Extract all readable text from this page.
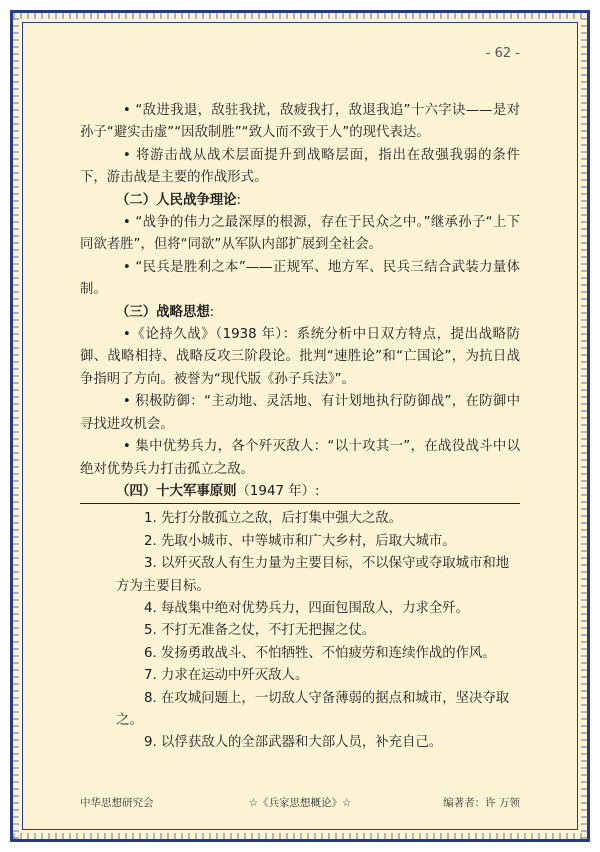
- 62 -

• “敌进我退，敌驻我扰，敌疲我打，敌退我追”十六字诀——是对孙子“避实击虚”“因敌制胜”“致人而不致于人”的现代表达。

• 将游击战从战术层面提升到战略层面，指出在敌强我弱的条件下，游击战是主要的作战形式。

（二）人民战争理论:

• “战争的伟力之最深厚的根源，存在于民众之中。”继承孙子“上下同欲者胜”，但将“同欲”从军队内部扩展到全社会。

• “民兵是胜利之本”——正规军、地方军、民兵三结合武装力量体制。

（三）战略思想:

•《论持久战》（1938 年）：系统分析中日双方特点，提出战略防御、战略相持、战略反攻三阶段论。批判“速胜论”和“亡国论”，为抗日战争指明了方向。被誉为“现代版《孙子兵法》”。

• 积极防御：“主动地、灵活地、有计划地执行防御战”，在防御中寻找进攻机会。

• 集中优势兵力，各个歼灭敌人：“以十攻其一”，在战役战斗中以绝对优势兵力打击孤立之敌。

（四）十大军事原则（1947 年）:

1. 先打分散孤立之敌，后打集中强大之敌。
2. 先取小城市、中等城市和广大乡村，后取大城市。
3. 以歼灭敌人有生力量为主要目标，不以保守或夺取城市和地方为主要目标。
4. 每战集中绝对优势兵力，四面包围敌人，力求全歼。
5. 不打无准备之仗，不打无把握之仗。
6. 发扬勇敢战斗、不怕牺牲、不怕疲劳和连续作战的作风。
7. 力求在运动中歼灭敌人。
8. 在攻城问题上，一切敌人守备薄弱的据点和城市，坚决夺取之。
9. 以俘获敌人的全部武器和大部人员，补充自己。
中华思想研究会	☆《兵家思想概论》☆	编著者：许 万领
